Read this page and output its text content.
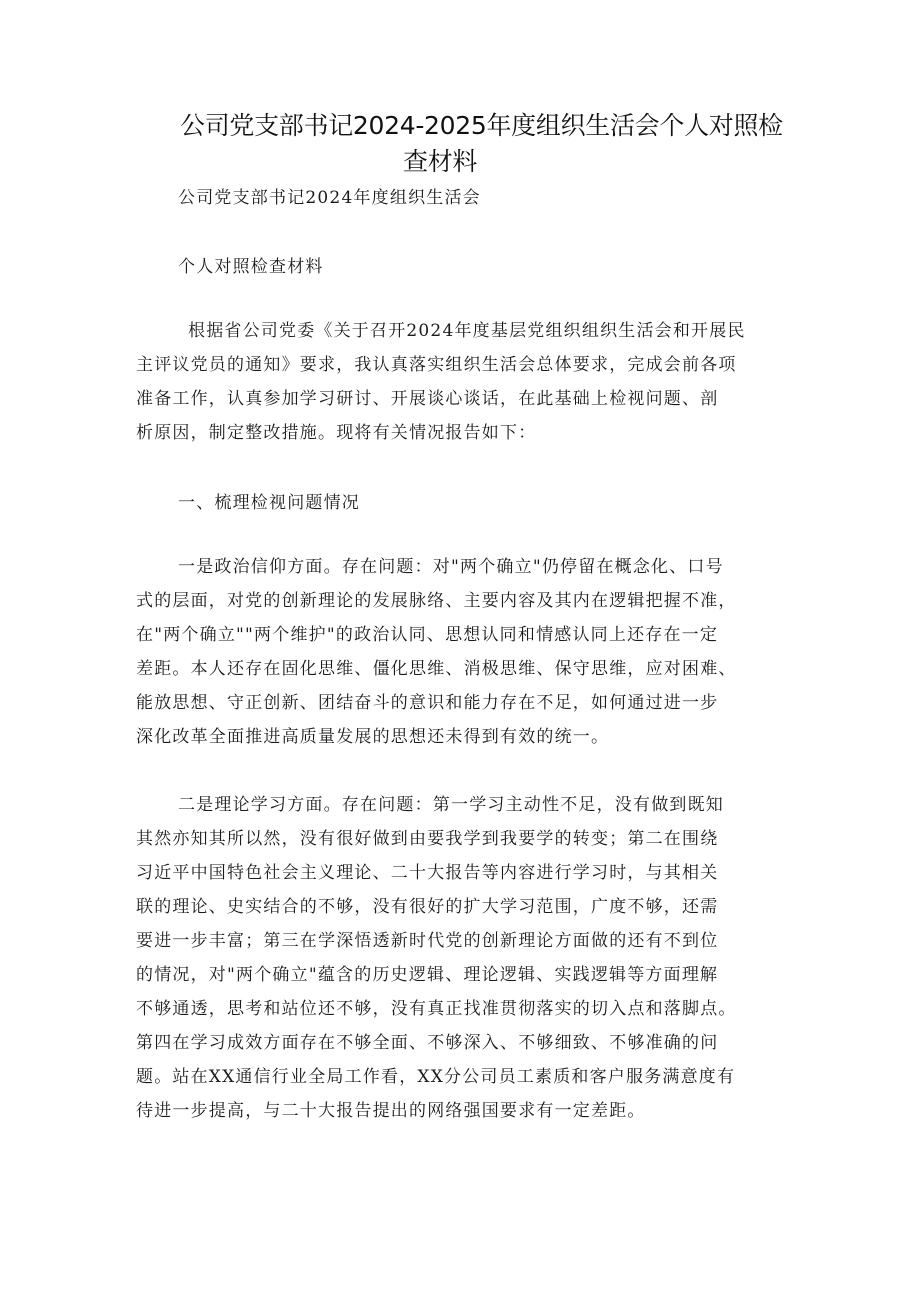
公司党支部书记2024-2025年度组织生活会个人对照检
查材料
公司党支部书记2024年度组织生活会
个人对照检查材料
根据省公司党委《关于召开2024年度基层党组织组织生活会和开展民
主评议党员的通知》要求，我认真落实组织生活会总体要求，完成会前各项
准备工作，认真参加学习研讨、开展谈心谈话，在此基础上检视问题、剖
析原因，制定整改措施。现将有关情况报告如下：
一、梳理检视问题情况
一是政治信仰方面。存在问题：对"两个确立"仍停留在概念化、口号
式的层面，对党的创新理论的发展脉络、主要内容及其内在逻辑把握不准，
在"两个确立""两个维护"的政治认同、思想认同和情感认同上还存在一定
差距。本人还存在固化思维、僵化思维、消极思维、保守思维，应对困难、
能放思想、守正创新、团结奋斗的意识和能力存在不足，如何通过进一步
深化改革全面推进高质量发展的思想还未得到有效的统一。
二是理论学习方面。存在问题：第一学习主动性不足，没有做到既知
其然亦知其所以然，没有很好做到由要我学到我要学的转变；第二在围绕
习近平中国特色社会主义理论、二十大报告等内容进行学习时，与其相关
联的理论、史实结合的不够，没有很好的扩大学习范围，广度不够，还需
要进一步丰富；第三在学深悟透新时代党的创新理论方面做的还有不到位
的情况，对"两个确立"蕴含的历史逻辑、理论逻辑、实践逻辑等方面理解
不够通透，思考和站位还不够，没有真正找准贯彻落实的切入点和落脚点。
第四在学习成效方面存在不够全面、不够深入、不够细致、不够准确的问
题。站在XX通信行业全局工作看，XX分公司员工素质和客户服务满意度有
待进一步提高，与二十大报告提出的网络强国要求有一定差距。
